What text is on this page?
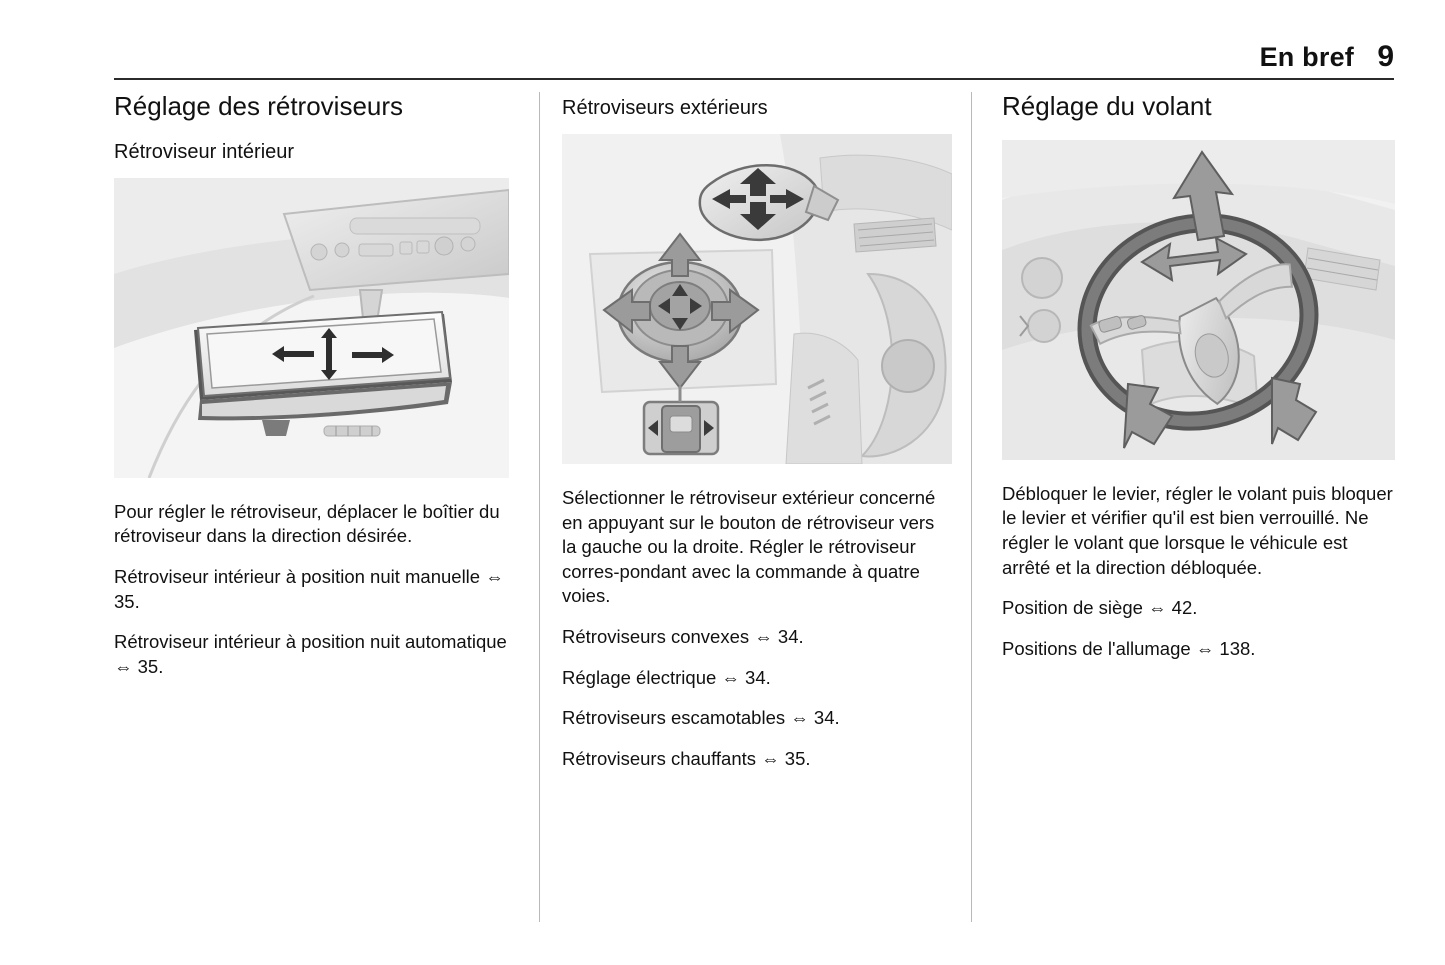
En bref 9
Réglage des rétroviseurs
Rétroviseur intérieur

Pour régler le rétroviseur, déplacer le boîtier du rétroviseur dans la direction désirée.

Rétroviseur intérieur à position nuit manuelle ⇔ 35.

Rétroviseur intérieur à position nuit automatique ⇔ 35.

Rétroviseurs extérieurs

Sélectionner le rétroviseur extérieur concerné en appuyant sur le bouton de rétroviseur vers la gauche ou la droite. Régler le rétroviseur corres-pondant avec la commande à quatre voies.

Rétroviseurs convexes ⇔ 34.

Réglage électrique ⇔ 34.

Rétroviseurs escamotables ⇔ 34.

Rétroviseurs chauffants ⇔ 35.

Réglage du volant

Débloquer le levier, régler le volant puis bloquer le levier et vérifier qu'il est bien verrouillé. Ne régler le volant que lorsque le véhicule est arrêté et la direction débloquée.

Position de siège ⇔ 42.

Positions de l'allumage ⇔ 138.
